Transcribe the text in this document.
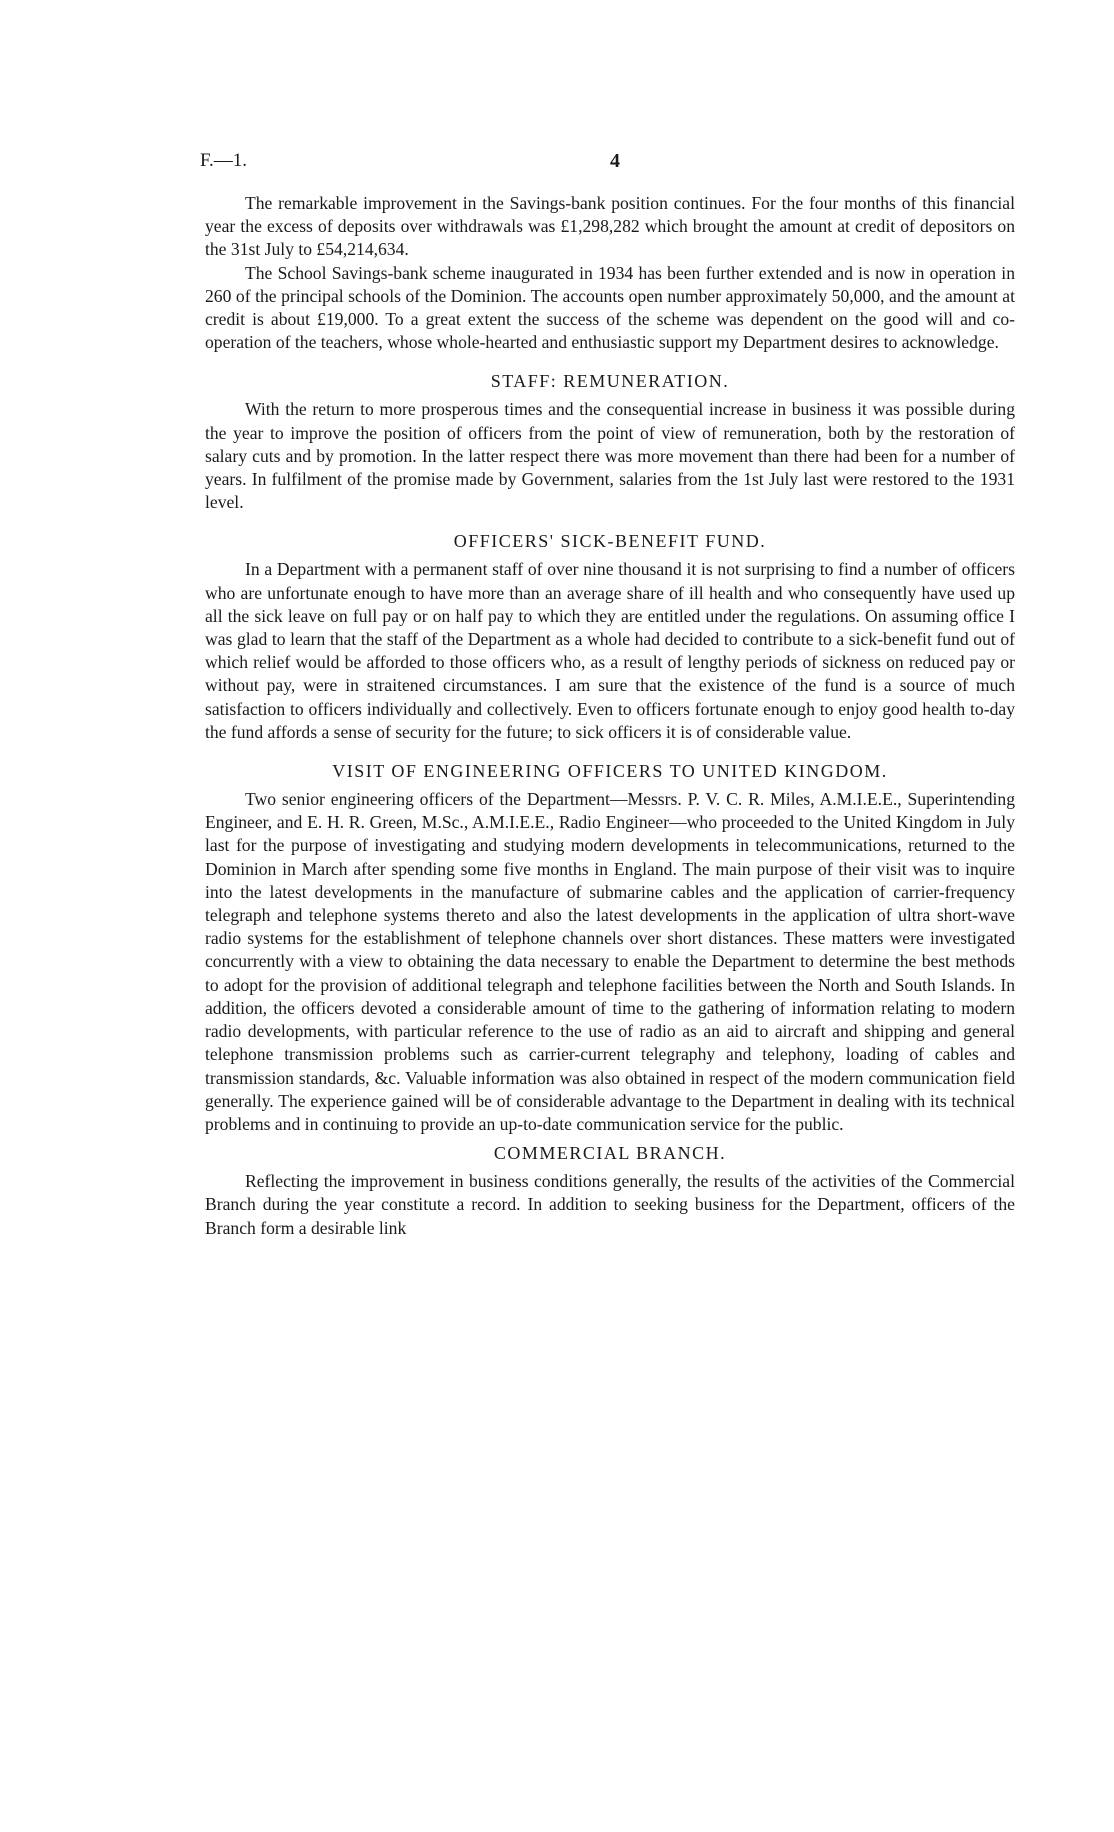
F.—1.	4

The remarkable improvement in the Savings-bank position continues. For the four months of this financial year the excess of deposits over withdrawals was £1,298,282 which brought the amount at credit of depositors on the 31st July to £54,214,634.

The School Savings-bank scheme inaugurated in 1934 has been further extended and is now in operation in 260 of the principal schools of the Dominion. The accounts open number approximately 50,000, and the amount at credit is about £19,000. To a great extent the success of the scheme was dependent on the good will and co-operation of the teachers, whose whole-hearted and enthusiastic support my Department desires to acknowledge.

STAFF: REMUNERATION.

With the return to more prosperous times and the consequential increase in business it was possible during the year to improve the position of officers from the point of view of remuneration, both by the restoration of salary cuts and by promotion. In the latter respect there was more movement than there had been for a number of years. In fulfilment of the promise made by Government, salaries from the 1st July last were restored to the 1931 level.

OFFICERS' SICK-BENEFIT FUND.

In a Department with a permanent staff of over nine thousand it is not surprising to find a number of officers who are unfortunate enough to have more than an average share of ill health and who consequently have used up all the sick leave on full pay or on half pay to which they are entitled under the regulations. On assuming office I was glad to learn that the staff of the Department as a whole had decided to contribute to a sick-benefit fund out of which relief would be afforded to those officers who, as a result of lengthy periods of sickness on reduced pay or without pay, were in straitened circumstances. I am sure that the existence of the fund is a source of much satisfaction to officers individually and collectively. Even to officers fortunate enough to enjoy good health to-day the fund affords a sense of security for the future; to sick officers it is of considerable value.

VISIT OF ENGINEERING OFFICERS TO UNITED KINGDOM.

Two senior engineering officers of the Department—Messrs. P. V. C. R. Miles, A.M.I.E.E., Superintending Engineer, and E. H. R. Green, M.Sc., A.M.I.E.E., Radio Engineer—who proceeded to the United Kingdom in July last for the purpose of investigating and studying modern developments in telecommunications, returned to the Dominion in March after spending some five months in England. The main purpose of their visit was to inquire into the latest developments in the manufacture of submarine cables and the application of carrier-frequency telegraph and telephone systems thereto and also the latest developments in the application of ultra short-wave radio systems for the establishment of telephone channels over short distances. These matters were investigated concurrently with a view to obtaining the data necessary to enable the Department to determine the best methods to adopt for the provision of additional telegraph and telephone facilities between the North and South Islands. In addition, the officers devoted a considerable amount of time to the gathering of information relating to modern radio developments, with particular reference to the use of radio as an aid to aircraft and shipping and general telephone transmission problems such as carrier-current telegraphy and telephony, loading of cables and transmission standards, &c. Valuable information was also obtained in respect of the modern communication field generally. The experience gained will be of considerable advantage to the Department in dealing with its technical problems and in continuing to provide an up-to-date communication service for the public.

COMMERCIAL BRANCH.

Reflecting the improvement in business conditions generally, the results of the activities of the Commercial Branch during the year constitute a record. In addition to seeking business for the Department, officers of the Branch form a desirable link
